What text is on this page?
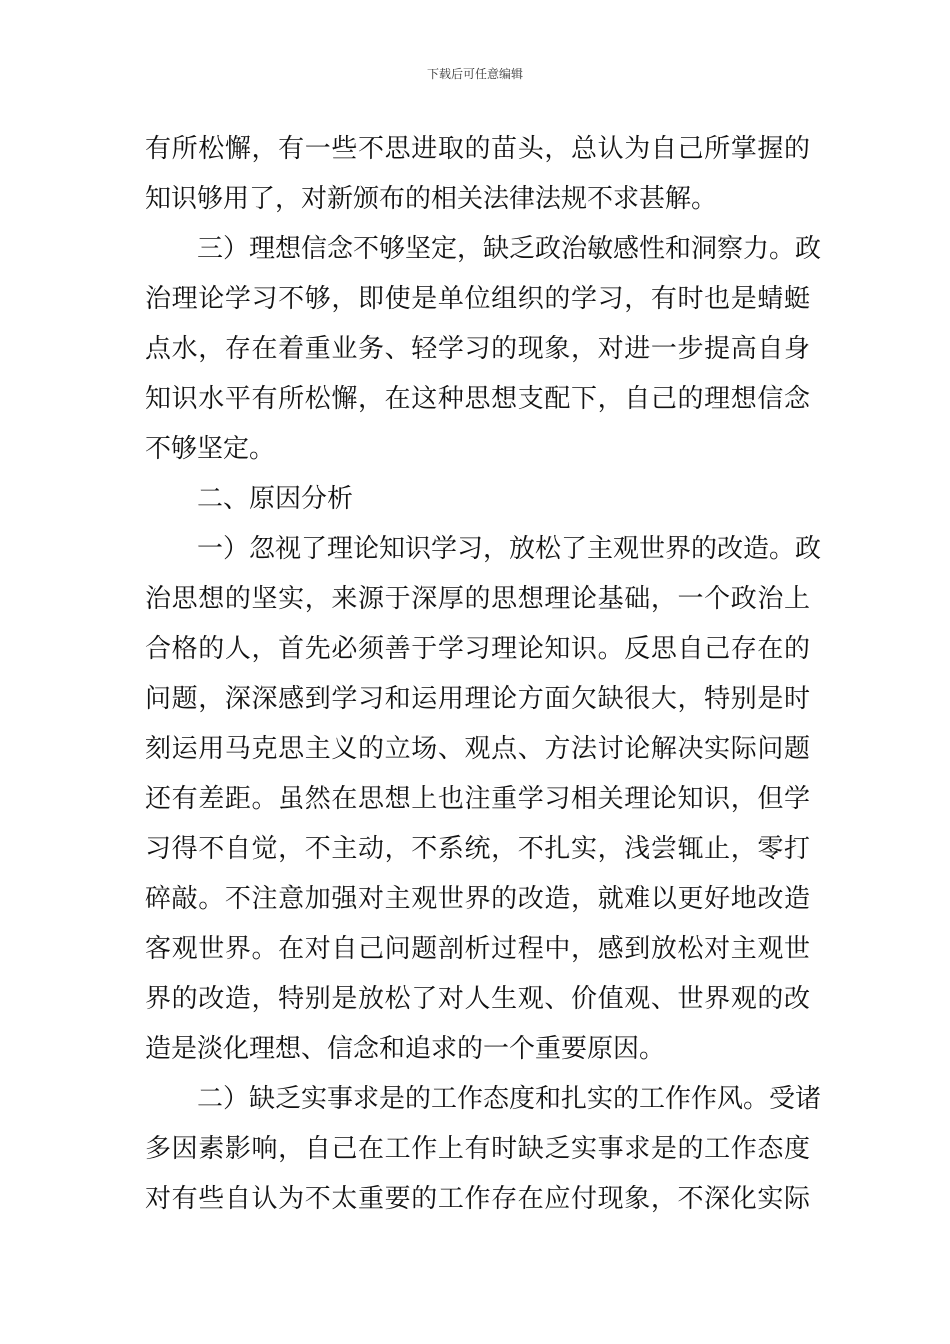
下载后可任意编辑
有所松懈，有一些不思进取的苗头，总认为自己所掌握的
知识够用了，对新颁布的相关法律法规不求甚解。
三）理想信念不够坚定，缺乏政治敏感性和洞察力。政
治理论学习不够，即使是单位组织的学习，有时也是蜻蜓
点水，存在着重业务、轻学习的现象，对进一步提高自身
知识水平有所松懈，在这种思想支配下，自己的理想信念
不够坚定。
二、原因分析
一）忽视了理论知识学习，放松了主观世界的改造。政
治思想的坚实，来源于深厚的思想理论基础，一个政治上
合格的人，首先必须善于学习理论知识。反思自己存在的
问题，深深感到学习和运用理论方面欠缺很大，特别是时
刻运用马克思主义的立场、观点、方法讨论解决实际问题
还有差距。虽然在思想上也注重学习相关理论知识，但学
习得不自觉，不主动，不系统，不扎实，浅尝辄止，零打
碎敲。不注意加强对主观世界的改造，就难以更好地改造
客观世界。在对自己问题剖析过程中，感到放松对主观世
界的改造，特别是放松了对人生观、价值观、世界观的改
造是淡化理想、信念和追求的一个重要原因。
二）缺乏实事求是的工作态度和扎实的工作作风。受诸
多因素影响，自己在工作上有时缺乏实事求是的工作态度
对有些自认为不太重要的工作存在应付现象，不深化实际
